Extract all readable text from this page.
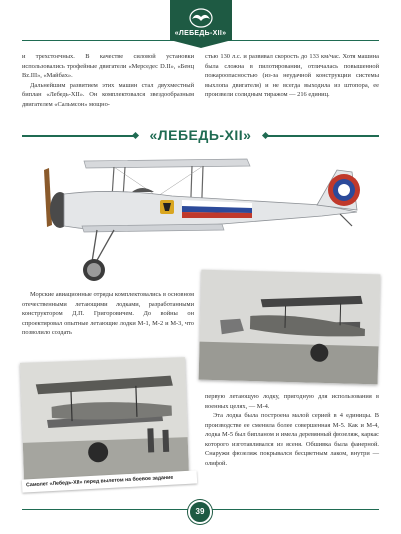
«ЛЕБЕДЬ-XII»

и трехстоечных. В качестве силовой установки использовались трофейные двигатели «Мерседес D.II», «Бенц Bz.III», «Майбах».

Дальнейшим развитием этих машин стал двухместный биплан «Лебедь-XII». Он комплектовался звездообразным двигателем «Сальмсон» мощно-

стью 130 л.с. и развивал скорость до 133 км/час. Хотя машина была сложна в пилотировании, отличалась повышенной пожароопасностью (из-за неудачной конструкции системы выхлопа двигателя) и не всегда выходила из штопора, ее произвели солидным тиражом — 216 единиц.

«ЛЕБЕДЬ-XII»

Морские авиационные отряды комплектовались в основном отечественными летающими лодками, разработанными конструктором Д.П. Григоровичем. До войны он спроектировал опытные летающие лодки М-1, М-2 и М-3, что позволило создать

Самолет «Лебедь-XII» перед вылетом на боевое задание

первую летающую лодку, пригодную для использования в военных целях, — М-4.

Эта лодка была построена малой серией в 4 единицы. В производстве ее сменила более совершенная М-5. Как и М-4, лодка М-5 был бипланом и имела деревянный фюзеляж, каркас которого изготавливался из ясеня. Обшивка была фанерной. Снаружи фюзеляж покрывался бесцветным лаком, внутри — олифой.

39
